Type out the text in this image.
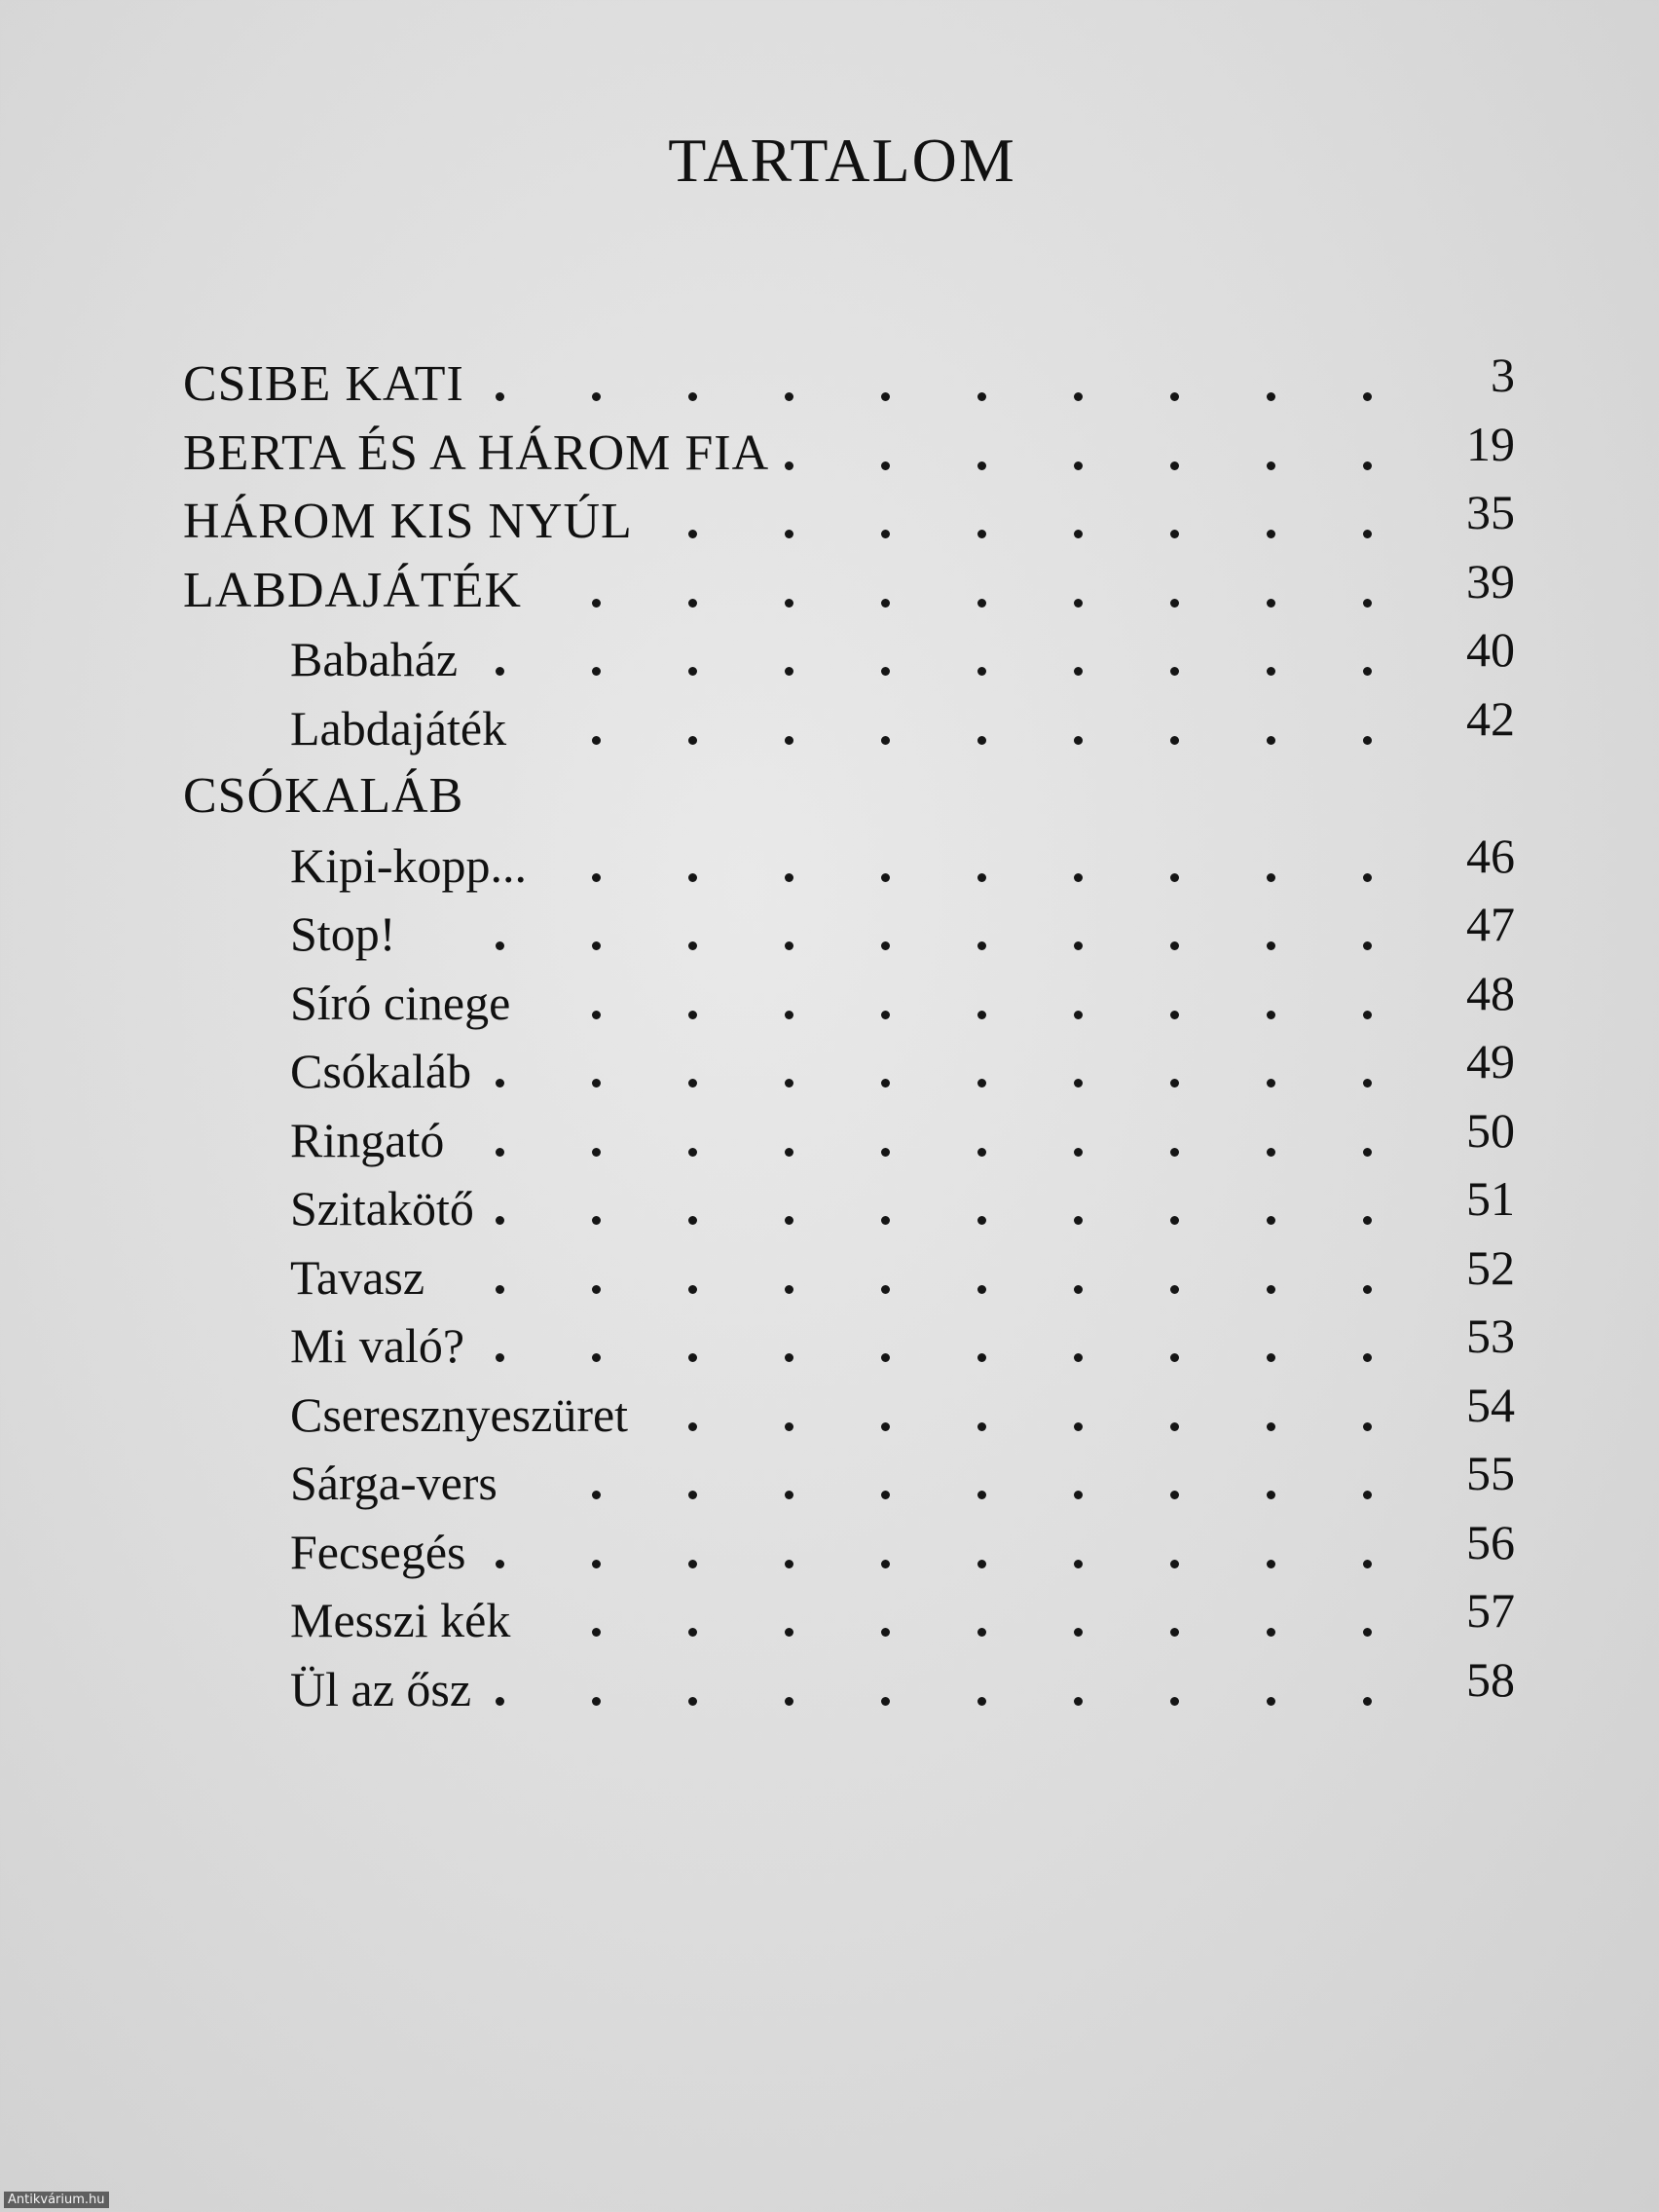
TARTALOM
CSIBE KATI	3
BERTA ÉS A HÁROM FIA	19
HÁROM KIS NYÚL	35
LABDAJÁTÉK	39
Babaház	40
Labdajáték	42
CSÓKALÁB
Kipi-kopp...	46
Stop!	47
Síró cinege	48
Csókaláb	49
Ringató	50
Szitakötő	51
Tavasz	52
Mi való?	53
Cseresznyeszüret	54
Sárga-vers	55
Fecsegés	56
Messzi kék	57
Ül az ősz	58
Antikvárium.hu
